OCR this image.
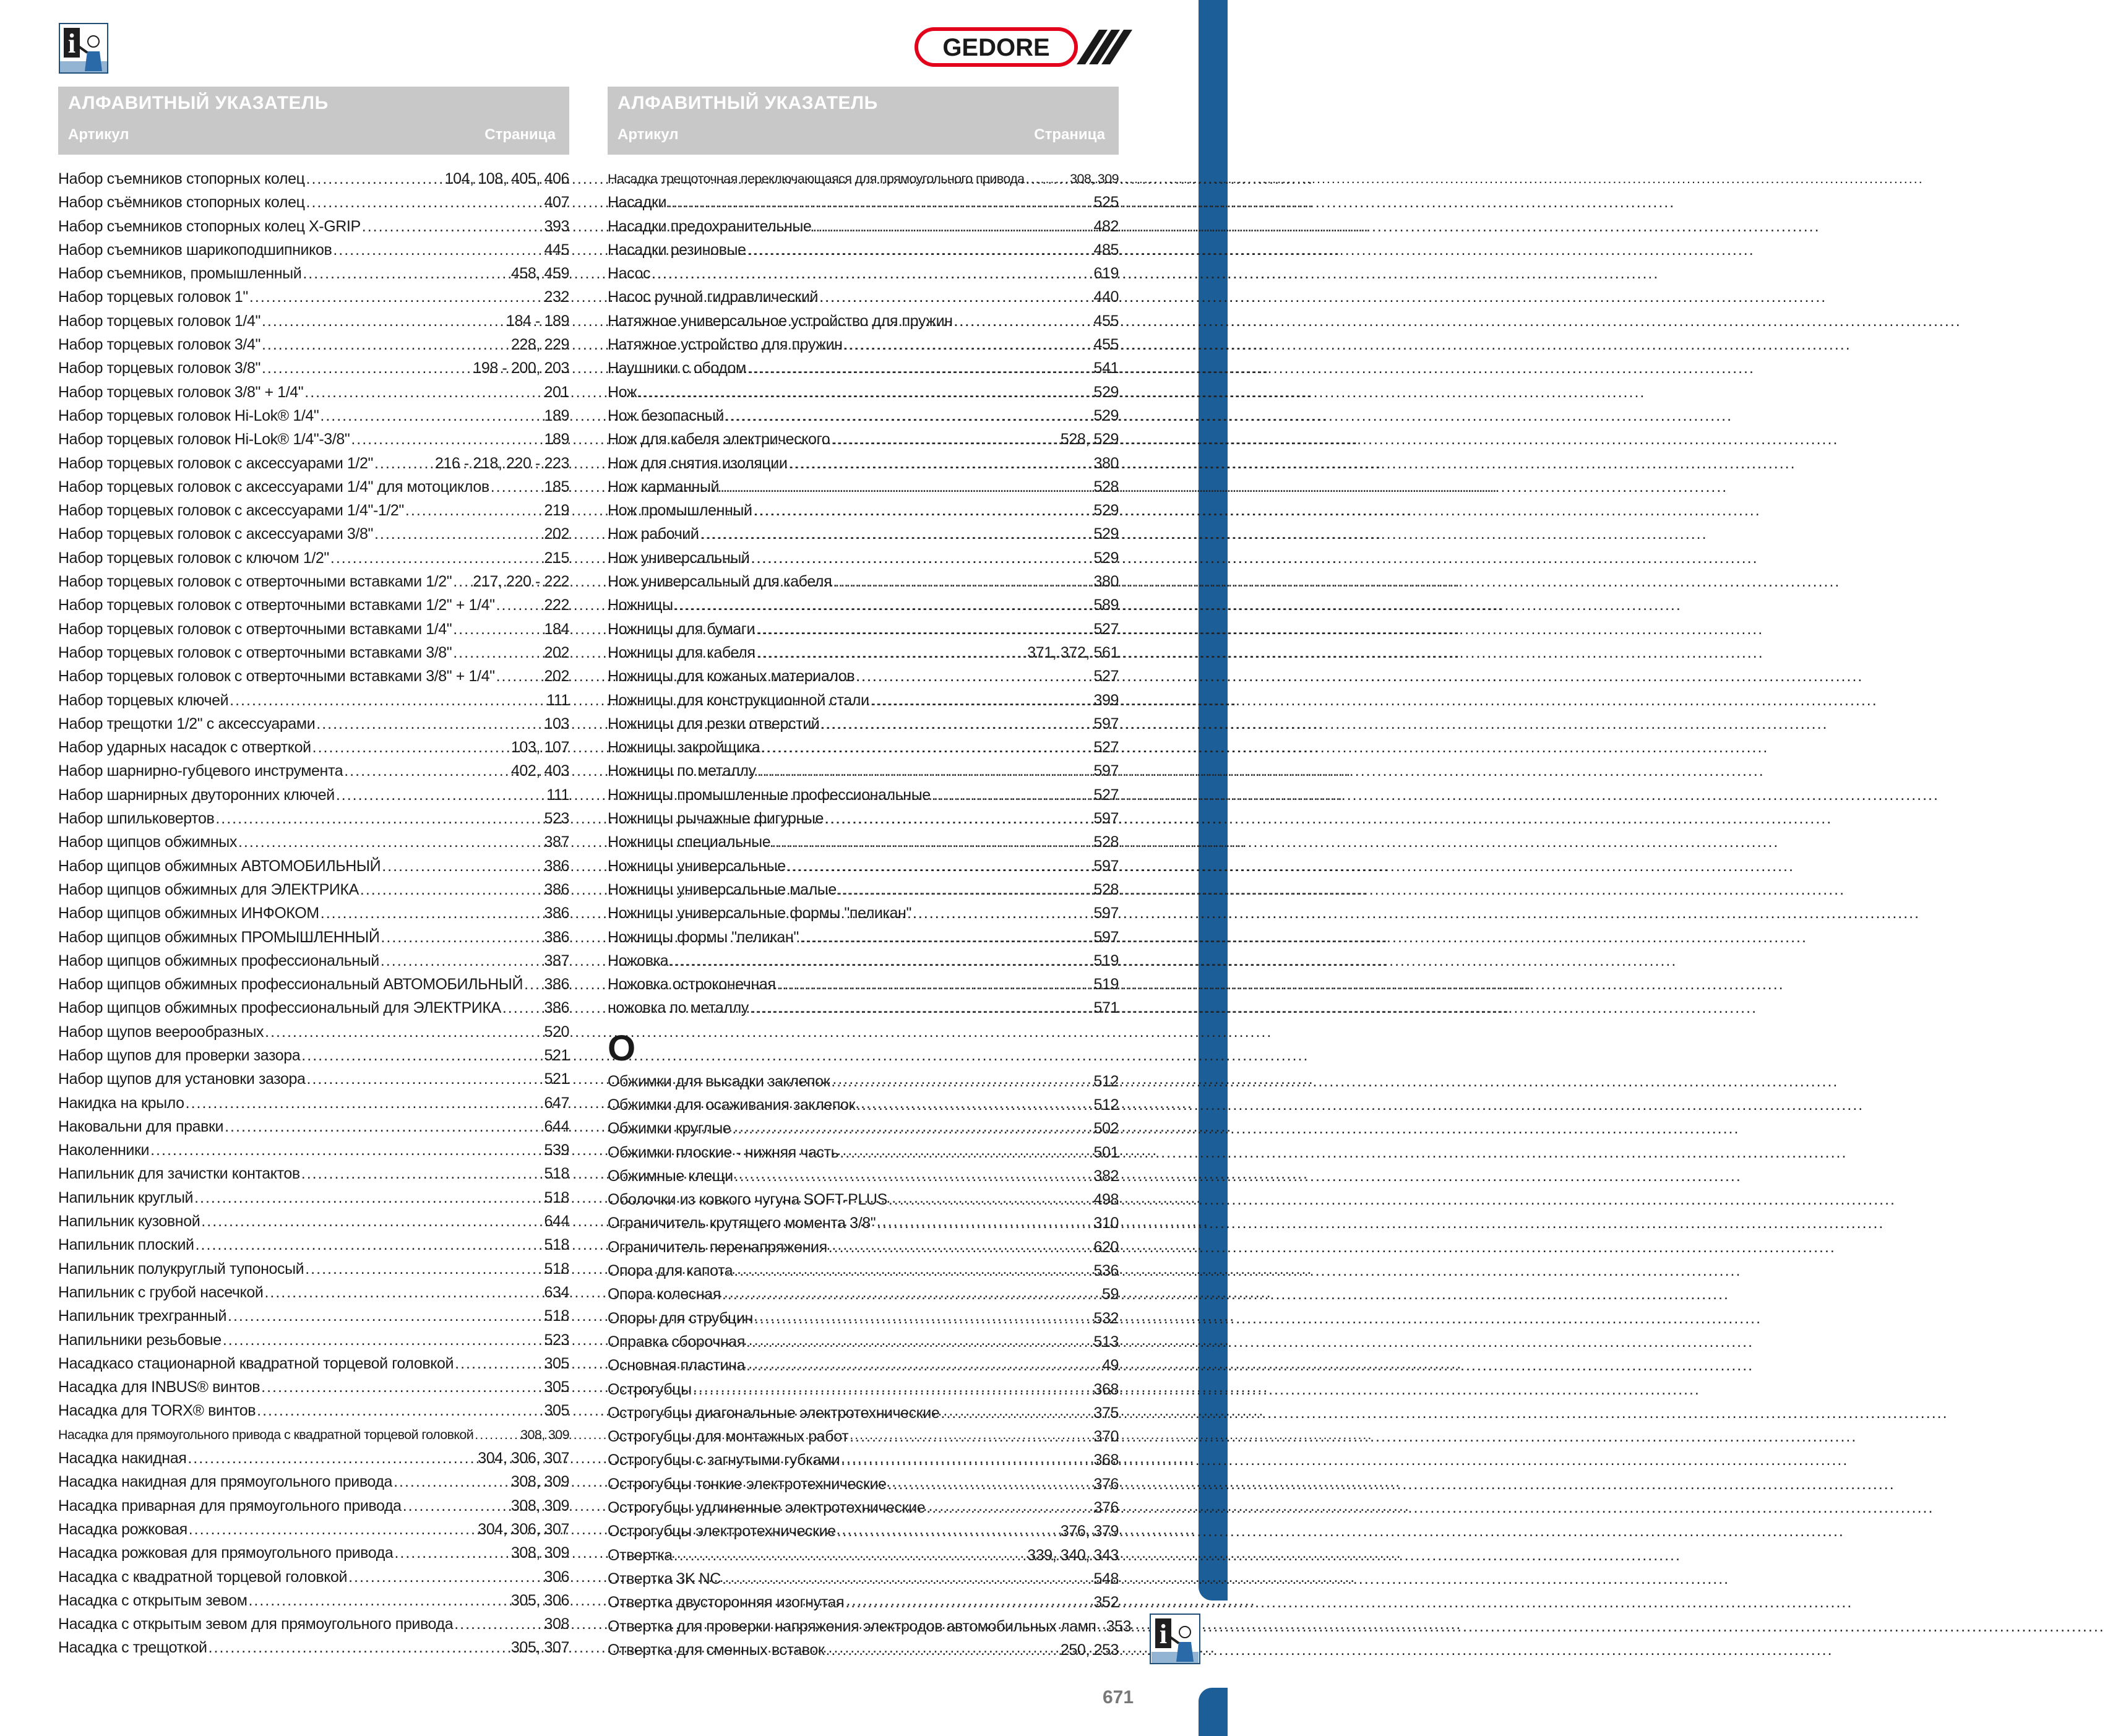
i	GEDORE
АЛФАВИТНЫЙ УКАЗАТЕЛЬ
Артикул	Страница
Набор съемников стопорных колец .....	104, 108, 405, 406
Набор съёмников стопорных колец .....	407
Набор съемников стопорных колец X-GRIP .....	393
Набор съемников шарикоподшипников .....	445
Набор съемников, промышленный .....	458, 459
Набор торцевых головок 1" .....	232
Набор торцевых головок 1/4" .....	184 - 189
Набор торцевых головок 3/4" .....	228, 229
Набор торцевых головок 3/8" .....	198 - 200, 203
Набор торцевых головок 3/8" + 1/4" .....	201
Набор торцевых головок Hi-Lok® 1/4" .....	189
Набор торцевых головок Hi-Lok® 1/4"-3/8" .....	189
Набор торцевых головок с аксессуарами 1/2" .....	216 - 218, 220 - 223
Набор торцевых головок с аксессуарами 1/4" для мотоциклов .....	185
Набор торцевых головок с аксессуарами 1/4"-1/2" .....	219
Набор торцевых головок с аксессуарами 3/8" .....	202
Набор торцевых головок с ключом 1/2" .....	215
Набор торцевых головок с отверточными вставками 1/2" ..... 217, 220 - 222
Набор торцевых головок с отверточными вставками 1/2" + 1/4" .....	222
Набор торцевых головок с отверточными вставками 1/4" .....	184
Набор торцевых головок с отверточными вставками 3/8" .....	202
Набор торцевых головок с отверточными вставками 3/8" + 1/4" .....	202
Набор торцевых ключей .....	111
Набор трещотки 1/2" с аксессуарами .....	103
Набор ударных насадок с отверткой .....	103, 107
Набор шарнирно-губцевого инструмента .....	402, 403
Набор шарнирных двуторонних ключей .....	111
Набор шпильковертов .....	523
Набор щипцов обжимных .....	387
Набор щипцов обжимных АВТОМОБИЛЬНЫЙ .....	386
Набор щипцов обжимных для ЭЛЕКТРИКА .....	386
Набор щипцов обжимных ИНФОКОМ .....	386
Набор щипцов обжимных ПРОМЫШЛЕННЫЙ .....	386
Набор щипцов обжимных профессиональный .....	387
Набор щипцов обжимных профессиональный АВТОМОБИЛЬНЫЙ ..... 386
Набор щипцов обжимных профессиональный для ЭЛЕКТРИКА .....	386
Набор щупов веерообразных .....	520
Набор щупов для проверки зазора .....	521
Набор щупов для установки зазора .....	521
Накидка на крыло .....	647
Наковальни для правки .....	644
Наколенники .....	539
Напильник для зачистки контактов .....	518
Напильник круглый .....	518
Напильник кузовной .....	644
Напильник плоский .....	518
Напильник полукруглый тупоносый .....	518
Напильник с грубой насечкой .....	634
Напильник трехгранный .....	518
Напильники резьбовые .....	523
Насадкасо стационарной квадратной торцевой головкой .....	305
Насадка для INBUS® винтов .....	305
Насадка для TORX® винтов .....	305
Насадка для прямоугольного привода с квадратной торцевой головкой .....	308, 309
Насадка накидная .....	304, 306, 307
Насадка накидная для прямоугольного привода .....	308, 309
Насадка приварная для прямоугольного привода .....	308, 309
Насадка рожковая .....	304, 306, 307
Насадка рожковая для прямоугольного привода .....	308, 309
Насадка с квадратной торцевой головкой .....	306
Насадка с открытым зевом .....	305, 306
Насадка с открытым зевом для прямоугольного привода .....	308
Насадка с трещоткой .....	305, 307
АЛФАВИТНЫЙ УКАЗАТЕЛЬ
Артикул	Страница
Насадка трещоточная переключающаяся для прямоугольного привода .....	308, 309
Насадки .....	525
Насадки предохранительные .....	482
Насадки резиновые .....	485
Насос .....	619
Насос ручной гидравлический .....	440
Натяжное универсальное устройство для пружин .....	455
Натяжное устройство для пружин .....	455
Наушники с ободом .....	541
Нож .....	529
Нож безопасный .....	529
Нож для кабеля электрического .....	528, 529
Нож для снятия изоляции .....	380
Нож карманный .....	528
Нож промышленный .....	529
Нож рабочий .....	529
Нож универсальный .....	529
Нож универсальный для кабеля .....	380
Ножницы .....	589
Ножницы для бумаги .....	527
Ножницы для кабеля .....	371, 372, 561
Ножницы для кожаных материалов .....	527
Ножницы для конструкционной стали .....	399
Ножницы для резки отверстий .....	597
Ножницы закройщика .....	527
Ножницы по металлу .....	597
Ножницы промышленные профессиональные .....	527
Ножницы рычажные фигурные .....	597
Ножницы специальные .....	528
Ножницы универсальные .....	597
Ножницы универсальные малые .....	528
Ножницы универсальные формы "пеликан" .....	597
Ножницы формы "пеликан" .....	597
Ножовка .....	519
Ножовка остроконечная .....	519
ножовка по металлу .....	571
О
Обжимки для высадки заклепок .....	512
Обжимки для осаживания заклепок .....	512
Обжимки круглые .....	502
Обжимки плоские - нижняя часть .....	501
Обжимные клещи .....	382
Оболочки из ковкого чугуна SOFT-PLUS .....	498
Ограничитель крутящего момента 3/8" .....	310
Ограничитель перенапряжения .....	620
Опора для капота .....	536
Опора колесная .....	59
Опоры для струбцин .....	532
Оправка сборочная .....	513
Основная пластина .....	49
Острогубцы .....	368
Острогубцы диагональные электротехнические .....	375
Острогубцы для монтажных работ .....	370
Острогубцы с загнутыми губками .....	368
Острогубцы тонкие электротехнические .....	376
Острогубцы удлиненные электротехнические .....	376
Острогубцы электротехнические .....	376, 379
Отвертка .....	339, 340, 343
Отвертка 3K NC .....	548
Отвертка двусторонняя изогнутая .....	352
Отвертка для проверки напряжения электродов автомобильных ламп ..... 353
Отвертка для сменных вставок .....	250, 253
i
671
